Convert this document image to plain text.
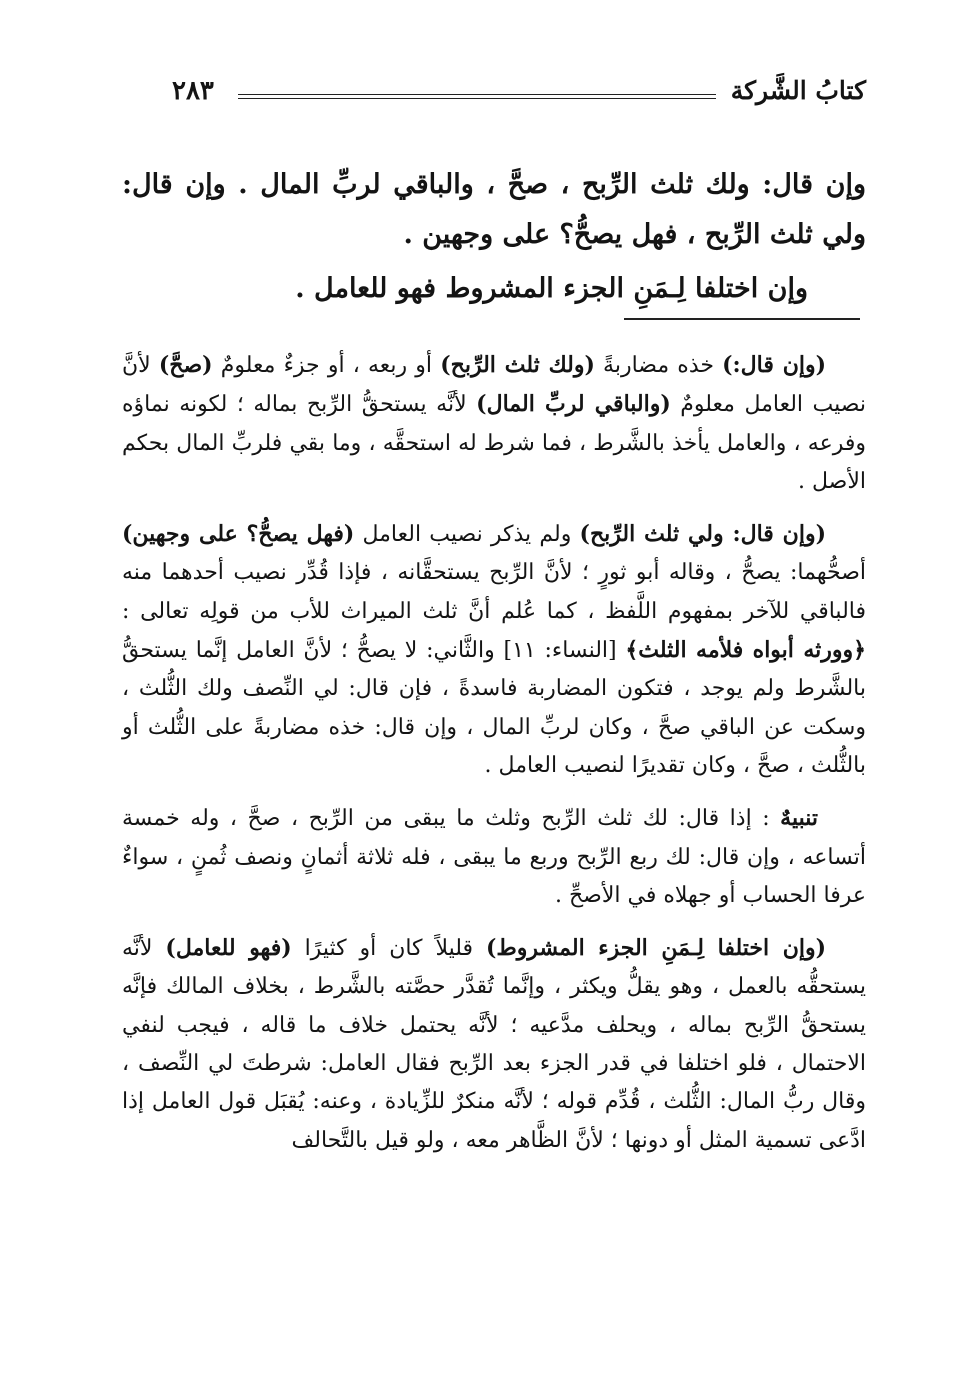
كتابُ الشَّركة
٢٨٣

وإن قال: ولك ثلث الرِّبح ، صحَّ ، والباقي لربِّ المال . وإن قال: ولي ثلث الرِّبح ، فهل يصحُّ؟ على وجهين .

وإن اختلفا لِـمَنِ الجزء المشروط فهو للعامل .

(وإن قال:) خذه مضاربةً (ولك ثلث الرِّبح) أو ربعه ، أو جزءٌ معلومٌ (صحَّ) لأنَّ نصيب العامل معلومٌ (والباقي لربِّ المال) لأنَّه يستحقُّ الرِّبح بماله ؛ لكونه نماؤه وفرعه ، والعامل يأخذ بالشَّرط ، فما شرط له استحقَّه ، وما بقي فلربِّ المال بحكم الأصل .

(وإن قال: ولي ثلث الرِّبح) ولم يذكر نصيب العامل (فهل يصحُّ؟ على وجهين) أصحُّهما: يصحُّ ، وقاله أبو ثورٍ ؛ لأنَّ الرِّبح يستحقَّانه ، فإذا قُدِّر نصيب أحدهما منه فالباقي للآخر بمفهوم اللَّفظ ، كما عُلم أنَّ ثلث الميراث للأب من قولِه تعالى : ﴿وورثه أبواه فلأمه الثلث﴾ [النساء: ١١] والثَّاني: لا يصحُّ ؛ لأنَّ العامل إنَّما يستحقُّ بالشَّرط ولم يوجد ، فتكون المضاربة فاسدةً ، فإن قال: لي النِّصف ولك الثُّلث ، وسكت عن الباقي صحَّ ، وكان لربِّ المال ، وإن قال: خذه مضاربةً على الثُّلث أو بالثُّلث ، صحَّ ، وكان تقديرًا لنصيب العامل .

تنبيهٌ : إذا قال: لك ثلث الرِّبح وثلث ما يبقى من الرِّبح ، صحَّ ، وله خمسة أتساعه ، وإن قال: لك ربع الرِّبح وربع ما يبقى ، فله ثلاثة أثمانٍ ونصف ثُمنٍ ، سواءٌ عرفا الحساب أو جهلاه في الأصحِّ .

(وإن اختلفا لِـمَنِ الجزء المشروط) قليلاً كان أو كثيرًا (فهو للعامل) لأنَّه يستحقُّه بالعمل ، وهو يقلُّ ويكثر ، وإنَّما تُقدَّر حصَّته بالشَّرط ، بخلاف المالك فإنَّه يستحقُّ الرِّبح بماله ، ويحلف مدَّعيه ؛ لأنَّه يحتمل خلاف ما قاله ، فيجب لنفي الاحتمال ، فلو اختلفا في قدر الجزء بعد الرِّبح فقال العامل: شرطتَ لي النِّصف ، وقال ربُّ المال: الثُّلث ، قُدِّم قوله ؛ لأنَّه منكرٌ للزِّيادة ، وعنه: يُقبَل قول العامل إذا ادَّعى تسمية المثل أو دونها ؛ لأنَّ الظَّاهر معه ، ولو قيل بالتَّحالف
